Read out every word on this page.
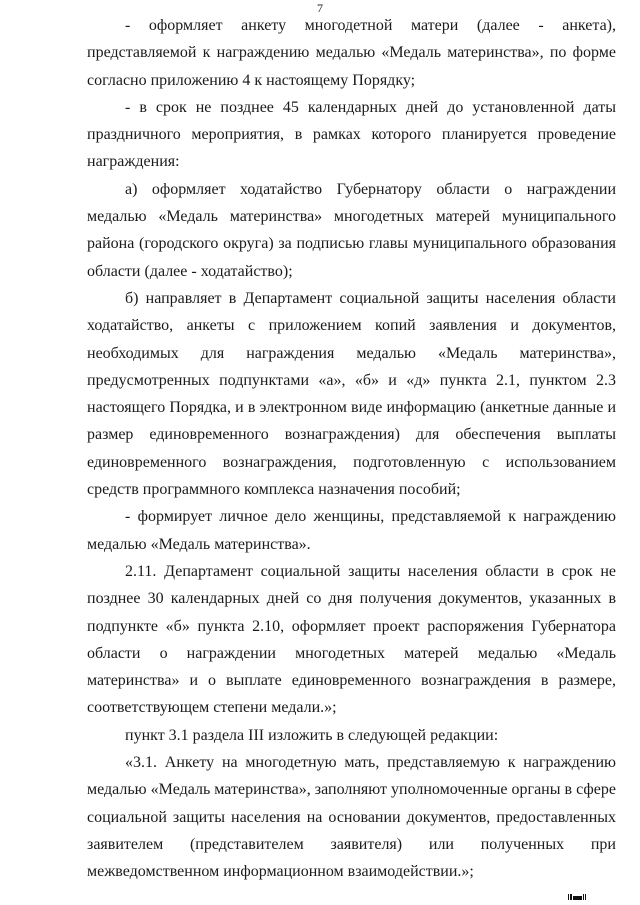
7

- оформляет анкету многодетной матери (далее - анкета), представляемой к награждению медалью «Медаль материнства», по форме согласно приложению 4 к настоящему Порядку;

- в срок не позднее 45 календарных дней до установленной даты праздничного мероприятия, в рамках которого планируется проведение награждения:

а) оформляет ходатайство Губернатору области о награждении медалью «Медаль материнства» многодетных матерей муниципального района (городского округа) за подписью главы муниципального образования области (далее - ходатайство);

б) направляет в Департамент социальной защиты населения области ходатайство, анкеты с приложением копий заявления и документов, необходимых для награждения медалью «Медаль материнства», предусмотренных подпунктами «а», «б» и «д» пункта 2.1, пунктом 2.3 настоящего Порядка, и в электронном виде информацию (анкетные данные и размер единовременного вознаграждения) для обеспечения выплаты единовременного вознаграждения, подготовленную с использованием средств программного комплекса назначения пособий;

- формирует личное дело женщины, представляемой к награждению медалью «Медаль материнства».

2.11. Департамент социальной защиты населения области в срок не позднее 30 календарных дней со дня получения документов, указанных в подпункте «б» пункта 2.10, оформляет проект распоряжения Губернатора области о награждении многодетных матерей медалью «Медаль материнства» и о выплате единовременного вознаграждения в размере, соответствующем степени медали.»;

пункт 3.1 раздела III изложить в следующей редакции:

«3.1. Анкету на многодетную мать, представляемую к награждению медалью «Медаль материнства», заполняют уполномоченные органы в сфере социальной защиты населения на основании документов, предоставленных заявителем (представителем заявителя) или полученных при межведомственном информационном взаимодействии.»;
